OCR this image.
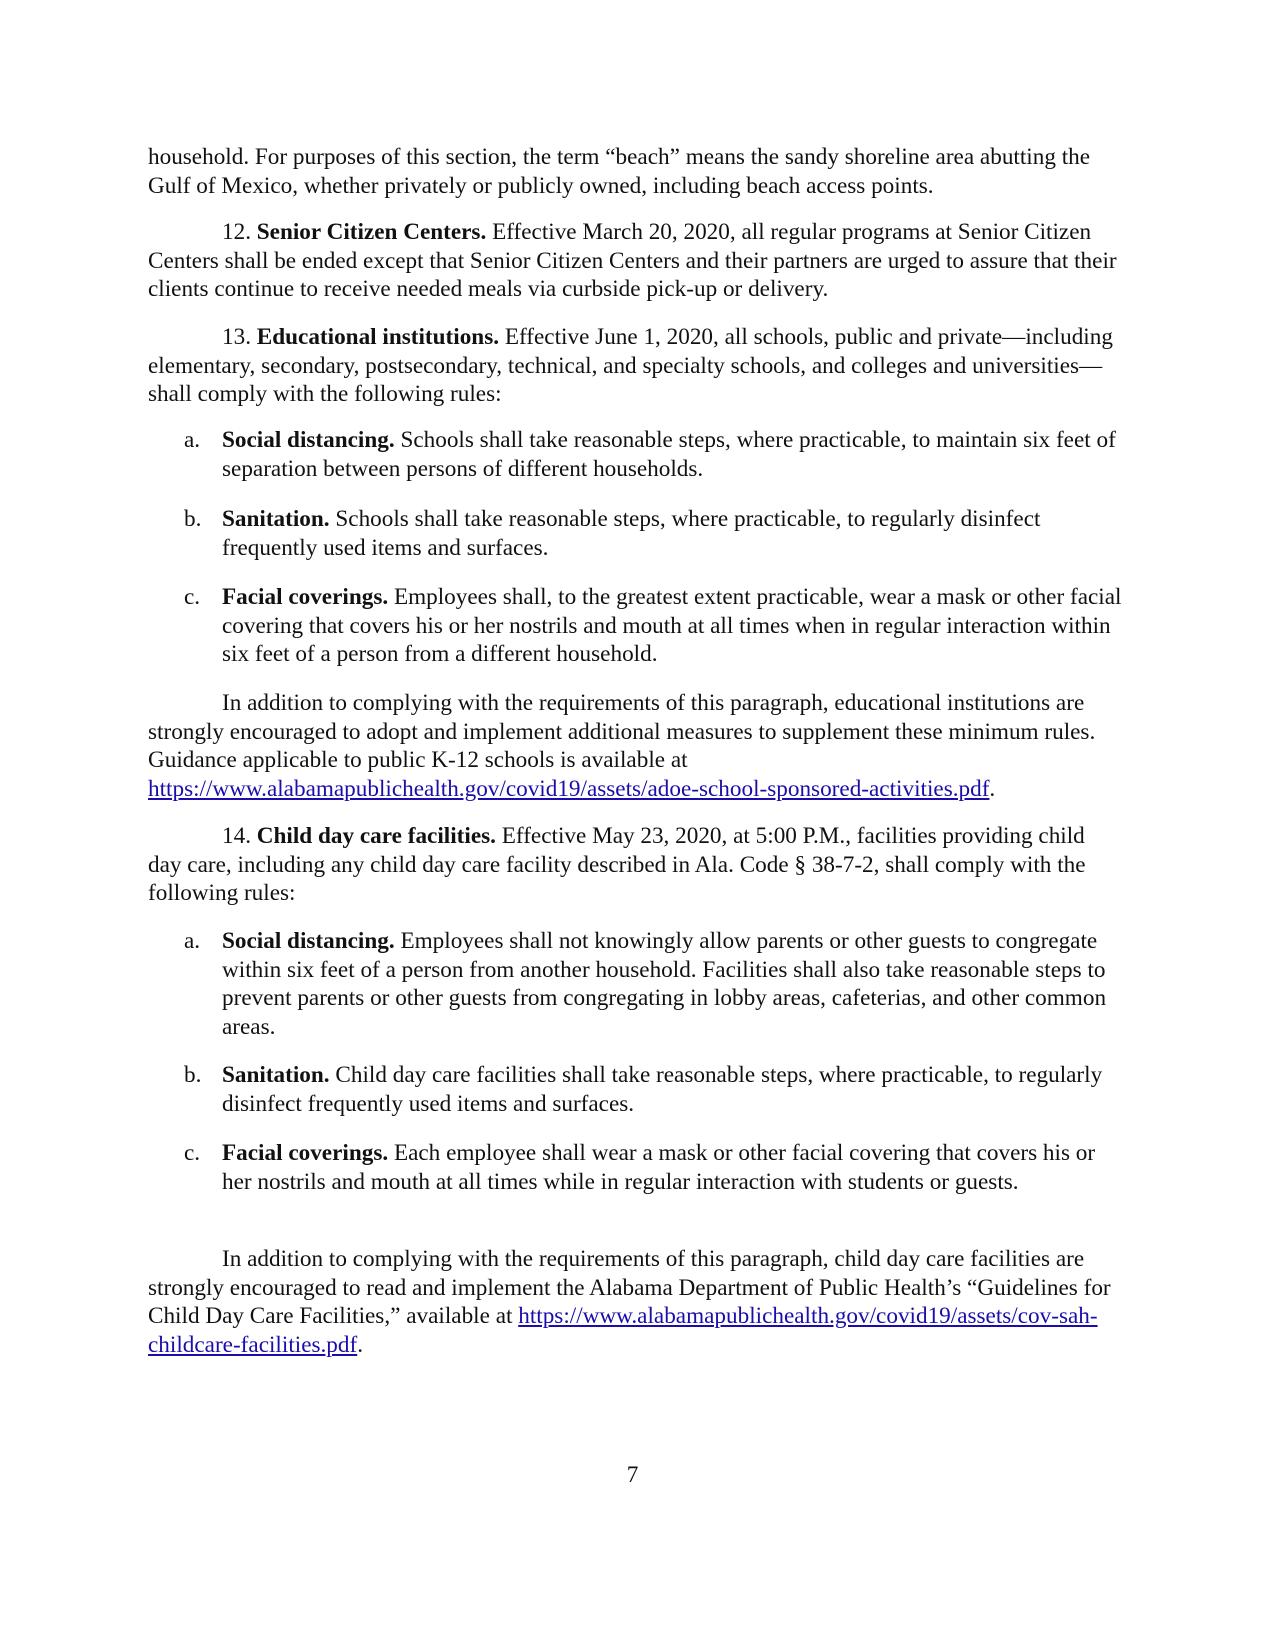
household. For purposes of this section, the term “beach” means the sandy shoreline area abutting the Gulf of Mexico, whether privately or publicly owned, including beach access points.

12. Senior Citizen Centers. Effective March 20, 2020, all regular programs at Senior Citizen Centers shall be ended except that Senior Citizen Centers and their partners are urged to assure that their clients continue to receive needed meals via curbside pick-up or delivery.

13. Educational institutions. Effective June 1, 2020, all schools, public and private—including elementary, secondary, postsecondary, technical, and specialty schools, and colleges and universities—shall comply with the following rules:

a. Social distancing. Schools shall take reasonable steps, where practicable, to maintain six feet of separation between persons of different households.
b. Sanitation. Schools shall take reasonable steps, where practicable, to regularly disinfect frequently used items and surfaces.
c. Facial coverings. Employees shall, to the greatest extent practicable, wear a mask or other facial covering that covers his or her nostrils and mouth at all times when in regular interaction within six feet of a person from a different household.

In addition to complying with the requirements of this paragraph, educational institutions are strongly encouraged to adopt and implement additional measures to supplement these minimum rules. Guidance applicable to public K-12 schools is available at https://www.alabamapublichealth.gov/covid19/assets/adoe-school-sponsored-activities.pdf.

14. Child day care facilities. Effective May 23, 2020, at 5:00 P.M., facilities providing child day care, including any child day care facility described in Ala. Code § 38-7-2, shall comply with the following rules:

a. Social distancing. Employees shall not knowingly allow parents or other guests to congregate within six feet of a person from another household. Facilities shall also take reasonable steps to prevent parents or other guests from congregating in lobby areas, cafeterias, and other common areas.
b. Sanitation. Child day care facilities shall take reasonable steps, where practicable, to regularly disinfect frequently used items and surfaces.
c. Facial coverings. Each employee shall wear a mask or other facial covering that covers his or her nostrils and mouth at all times while in regular interaction with students or guests.

In addition to complying with the requirements of this paragraph, child day care facilities are strongly encouraged to read and implement the Alabama Department of Public Health’s “Guidelines for Child Day Care Facilities,” available at https://www.alabamapublichealth.gov/covid19/assets/cov-sah-childcare-facilities.pdf.

7
